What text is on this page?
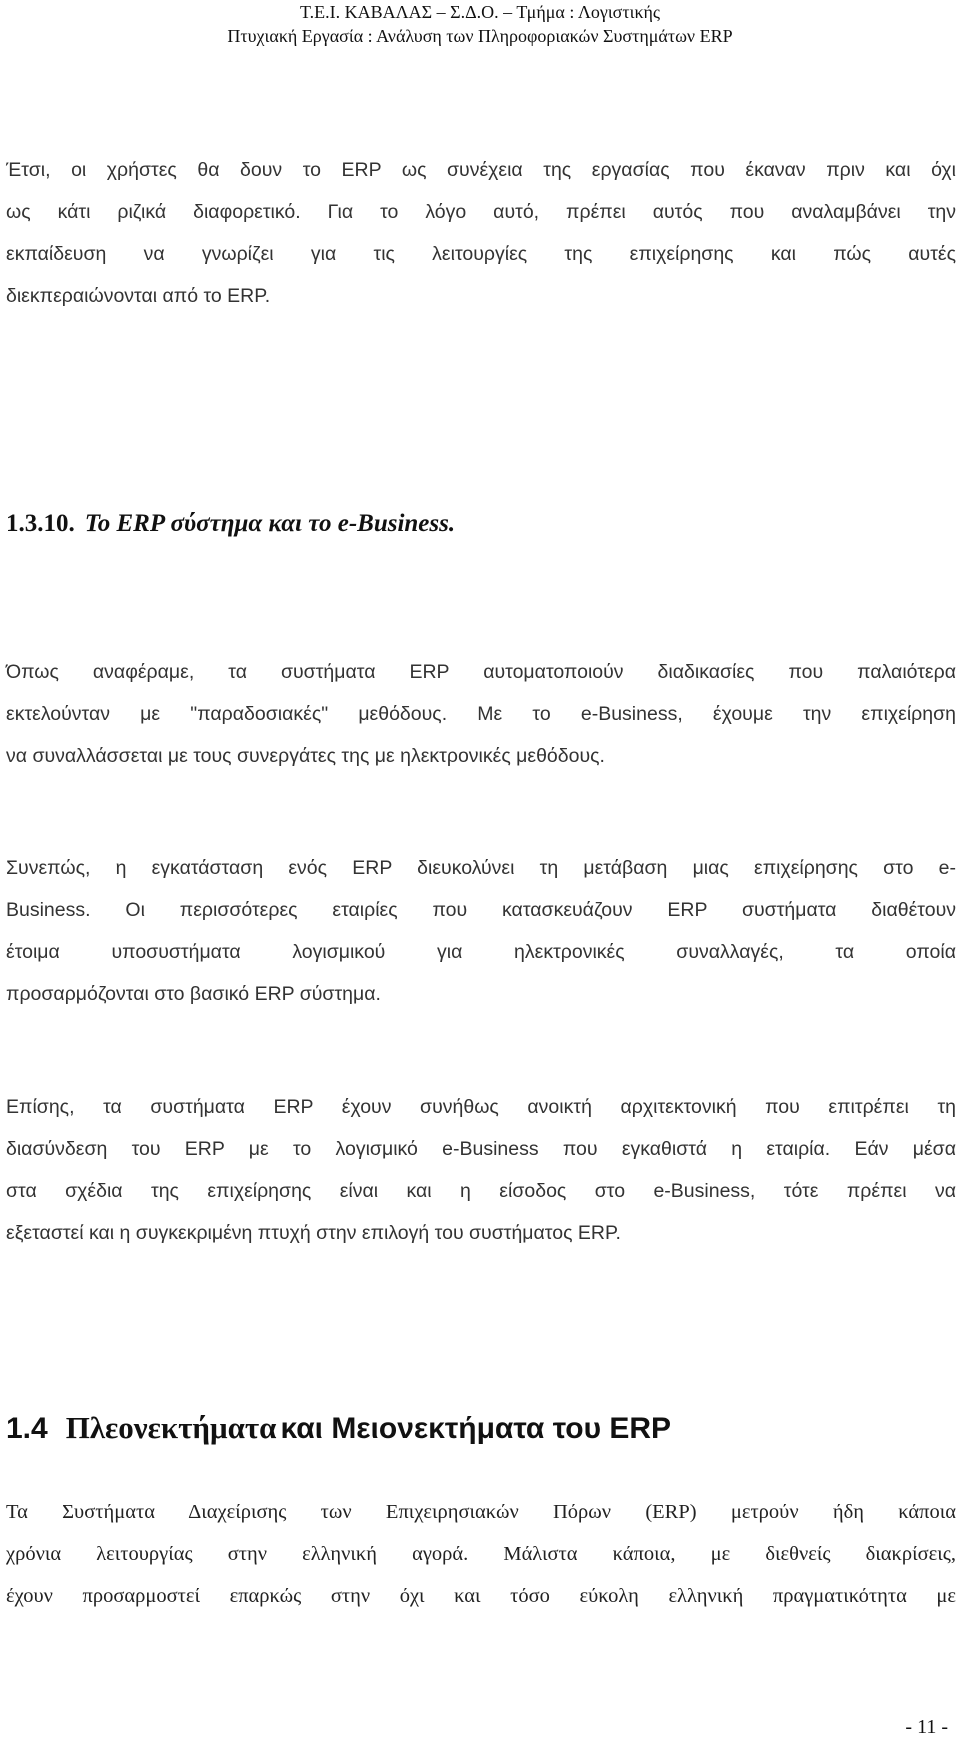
Τ.Ε.Ι. ΚΑΒΑΛΑΣ – Σ.Δ.Ο. – Τμήμα : Λογιστικής
Πτυχιακή Εργασία : Ανάλυση των Πληροφοριακών Συστημάτων ERP
Έτσι, οι χρήστες θα δουν το ERP ως συνέχεια της εργασίας που έκαναν πριν και όχι
ως κάτι ριζικά διαφορετικό. Για το λόγο αυτό, πρέπει αυτός που αναλαμβάνει την
εκπαίδευση να γνωρίζει για τις λειτουργίες της επιχείρησης και πώς αυτές
διεκπεραιώνονται από το ERP.
1.3.10. Το ERP σύστημα και το e-Business.
Όπως αναφέραμε, τα συστήματα ERP αυτοματοποιούν διαδικασίες που παλαιότερα
εκτελούνταν με "παραδοσιακές" μεθόδους. Με το e-Business, έχουμε την επιχείρηση
να συναλλάσσεται με τους συνεργάτες της με ηλεκτρονικές μεθόδους.
Συνεπώς, η εγκατάσταση ενός ERP διευκολύνει τη μετάβαση μιας επιχείρησης στο e-
Business. Οι περισσότερες εταιρίες που κατασκευάζουν ERP συστήματα διαθέτουν
έτοιμα υποσυστήματα λογισμικού για ηλεκτρονικές συναλλαγές, τα οποία
προσαρμόζονται στο βασικό ERP σύστημα.
Επίσης, τα συστήματα ERP έχουν συνήθως ανοικτή αρχιτεκτονική που επιτρέπει τη
διασύνδεση του ERP με το λογισμικό e-Business που εγκαθιστά η εταιρία. Εάν μέσα
στα σχέδια της επιχείρησης είναι και η είσοδος στο e-Business, τότε πρέπει να
εξεταστεί και η συγκεκριμένη πτυχή στην επιλογή του συστήματος ERP.
1.4 Πλεονεκτήματα και Μειονεκτήματα του ERP
Τα Συστήματα Διαχείρισης των Επιχειρησιακών Πόρων (ERP) μετρούν ήδη κάποια
χρόνια λειτουργίας στην ελληνική αγορά. Μάλιστα κάποια, με διεθνείς διακρίσεις,
έχουν προσαρμοστεί επαρκώς στην όχι και τόσο εύκολη ελληνική πραγματικότητα με
- 11 -
